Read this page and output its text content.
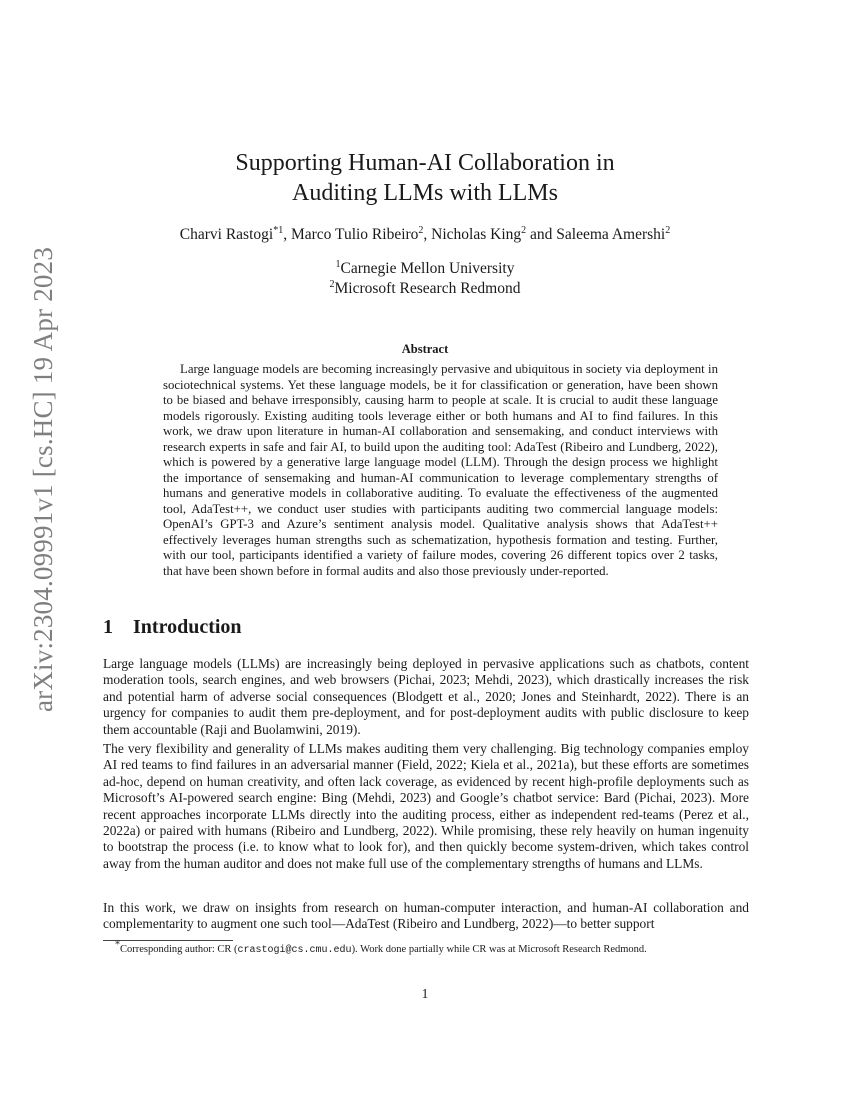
arXiv:2304.09991v1 [cs.HC] 19 Apr 2023
Supporting Human-AI Collaboration in
Auditing LLMs with LLMs
Charvi Rastogi$^{*1}$, Marco Tulio Ribeiro$^2$, Nicholas King$^2$ and Saleema Amershi$^2$
$^1$Carnegie Mellon University
$^2$Microsoft Research Redmond
Abstract

Large language models are becoming increasingly pervasive and ubiquitous in society via deployment in sociotechnical systems. Yet these language models, be it for classification or generation, have been shown to be biased and behave irresponsibly, causing harm to people at scale. It is crucial to audit these language models rigorously. Existing auditing tools leverage either or both humans and AI to find failures. In this work, we draw upon literature in human-AI collaboration and sensemaking, and conduct interviews with research experts in safe and fair AI, to build upon the auditing tool: AdaTest (Ribeiro and Lundberg, 2022), which is powered by a generative large language model (LLM). Through the design process we highlight the importance of sensemaking and human-AI communication to leverage complementary strengths of humans and generative models in collaborative auditing. To evaluate the effectiveness of the augmented tool, AdaTest++, we conduct user studies with participants auditing two commercial language models: OpenAI’s GPT-3 and Azure’s sentiment analysis model. Qualitative analysis shows that AdaTest++ effectively leverages human strengths such as schematization, hypothesis formation and testing. Further, with our tool, participants identified a variety of failure modes, covering 26 different topics over 2 tasks, that have been shown before in formal audits and also those previously under-reported.

1 Introduction

Large language models (LLMs) are increasingly being deployed in pervasive applications such as chatbots, content moderation tools, search engines, and web browsers (Pichai, 2023; Mehdi, 2023), which drastically increases the risk and potential harm of adverse social consequences (Blodgett et al., 2020; Jones and Steinhardt, 2022). There is an urgency for companies to audit them pre-deployment, and for post-deployment audits with public disclosure to keep them accountable (Raji and Buolamwini, 2019).

The very flexibility and generality of LLMs makes auditing them very challenging. Big technology companies employ AI red teams to find failures in an adversarial manner (Field, 2022; Kiela et al., 2021a), but these efforts are sometimes ad-hoc, depend on human creativity, and often lack coverage, as evidenced by recent high-profile deployments such as Microsoft’s AI-powered search engine: Bing (Mehdi, 2023) and Google’s chatbot service: Bard (Pichai, 2023). More recent approaches incorporate LLMs directly into the auditing process, either as independent red-teams (Perez et al., 2022a) or paired with humans (Ribeiro and Lundberg, 2022). While promising, these rely heavily on human ingenuity to bootstrap the process (i.e. to know what to look for), and then quickly become system-driven, which takes control away from the human auditor and does not make full use of the complementary strengths of humans and LLMs.

In this work, we draw on insights from research on human-computer interaction, and human-AI collaboration and complementarity to augment one such tool—AdaTest (Ribeiro and Lundberg, 2022)—to better support

*Corresponding author: CR (crastogi@cs.cmu.edu). Work done partially while CR was at Microsoft Research Redmond.

1
